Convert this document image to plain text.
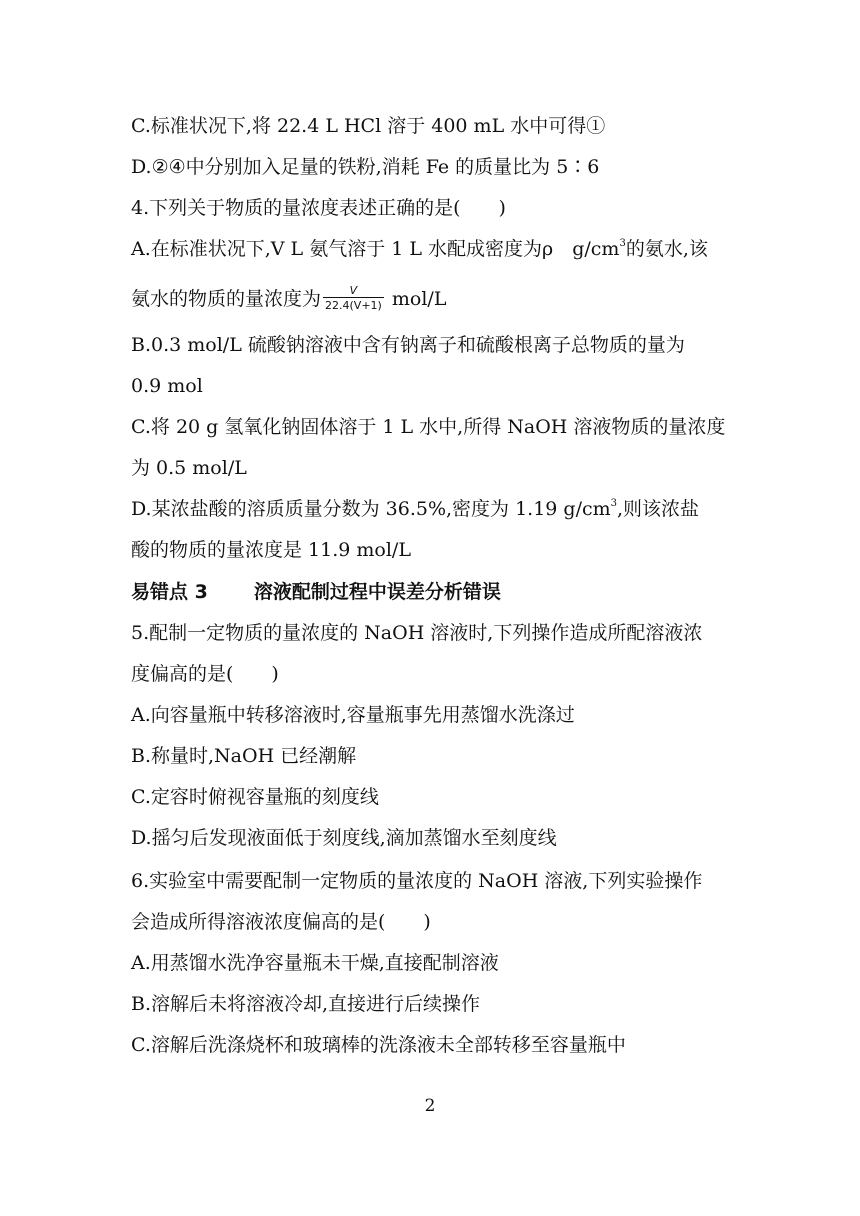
C.标准状况下,将 22.4 L HCl 溶于 400 mL 水中可得①
D.②④中分别加入足量的铁粉,消耗 Fe 的质量比为 5∶6
4.下列关于物质的量浓度表述正确的是(　　)
A.在标准状况下,V L 氨气溶于 1 L 水配成密度为ρ　$g/cm^3$的氨水,该
氨水的物质的量浓度为 $\frac{V}{22.4(V+1)} mol/L$
B.0.3 mol/L 硫酸钠溶液中含有钠离子和硫酸根离子总物质的量为
0.9 mol
C.将 20 g 氢氧化钠固体溶于 1 L 水中,所得 NaOH 溶液物质的量浓度
为 0.5 mol/L
D.某浓盐酸的溶质质量分数为 36.5%,密度为 1.19 $g/cm^3$,则该浓盐
酸的物质的量浓度是 11.9 mol/L
易错点 3 溶液配制过程中误差分析错误
5.配制一定物质的量浓度的 NaOH 溶液时,下列操作造成所配溶液浓
度偏高的是(　　)
A.向容量瓶中转移溶液时,容量瓶事先用蒸馏水洗涤过
B.称量时,NaOH 已经潮解
C.定容时俯视容量瓶的刻度线
D.摇匀后发现液面低于刻度线,滴加蒸馏水至刻度线
6.实验室中需要配制一定物质的量浓度的 NaOH 溶液,下列实验操作
会造成所得溶液浓度偏高的是(　　)
A.用蒸馏水洗净容量瓶未干燥,直接配制溶液
B.溶解后未将溶液冷却,直接进行后续操作
C.溶解后洗涤烧杯和玻璃棒的洗涤液未全部转移至容量瓶中
2
